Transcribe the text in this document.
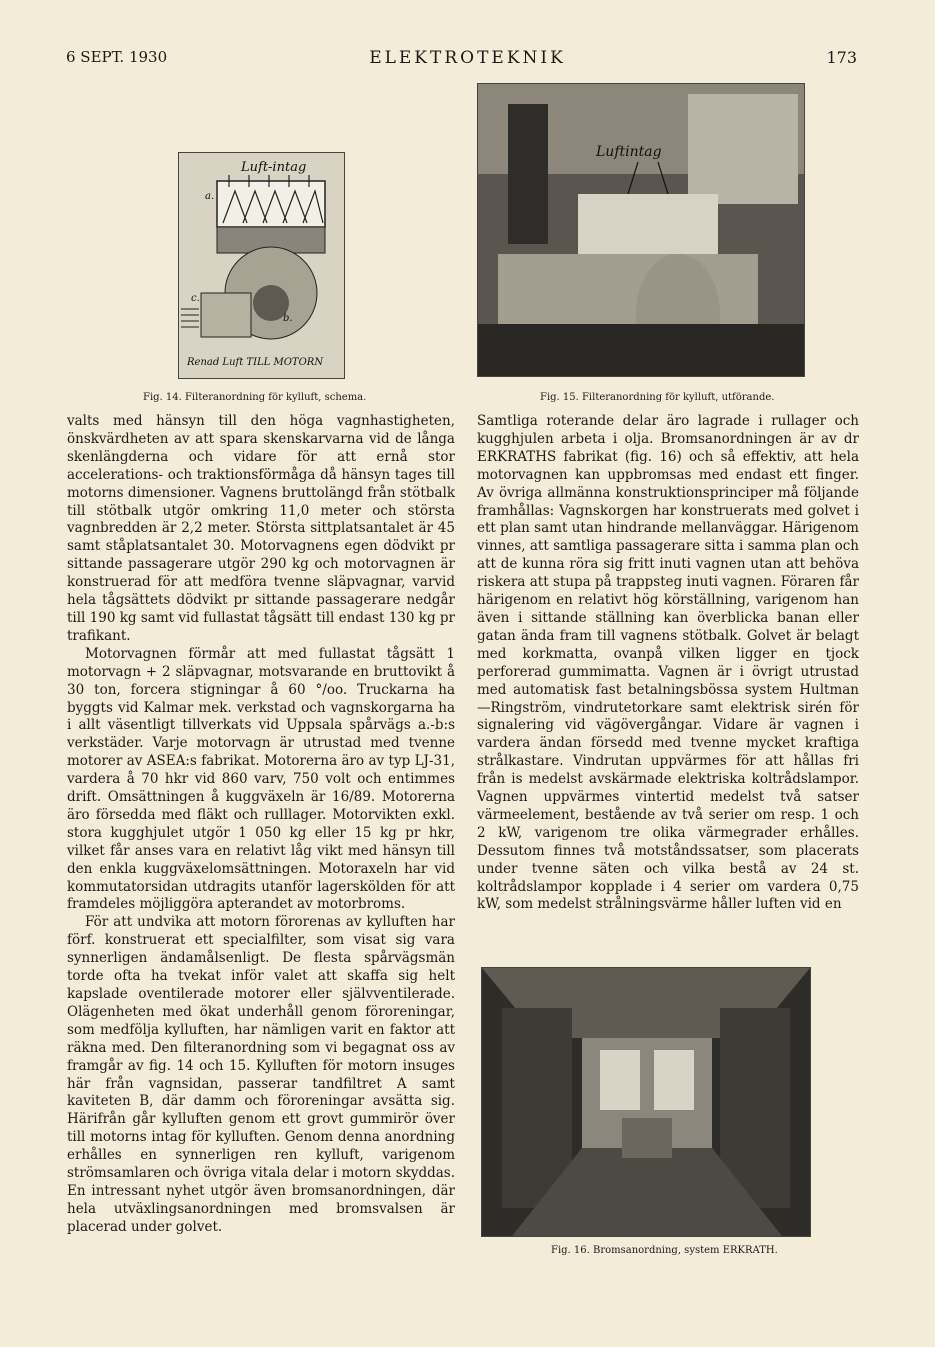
6 SEPT. 1930	ELEKTROTEKNIK	173
Luft-intag
a.
b.
c.
Renad Luft TILL MOTORN
Fig. 14. Filteranordning för kylluft, schema.
Luftintag
Fig. 15. Filteranordning för kylluft, utförande.
Fig. 16. Bromsanordning, system ERKRATH.

valts med hänsyn till den höga vagnhastigheten, önskvärdheten av att spara skenskarvarna vid de långa skenlängderna och vidare för att ernå stor accelerations- och traktionsförmåga då hänsyn tages till motorns dimensioner. Vagnens bruttolängd från stötbalk till stötbalk utgör omkring 11,0 meter och största vagnbredden är 2,2 meter. Största sittplatsantalet är 45 samt ståplatsantalet 30. Motorvagnens egen dödvikt pr sittande passagerare utgör 290 kg och motorvagnen är konstruerad för att medföra tvenne släpvagnar, varvid hela tågsättets dödvikt pr sittande passagerare nedgår till 190 kg samt vid fullastat tågsätt till endast 130 kg pr trafikant.

Motorvagnen förmår att med fullastat tågsätt 1 motorvagn + 2 släpvagnar, motsvarande en bruttovikt å 30 ton, forcera stigningar å 60 °/oo. Truckarna ha byggts vid Kalmar mek. verkstad och vagnskorgarna ha i allt väsentligt tillverkats vid Uppsala spårvägs a.-b:s verkstäder. Varje motorvagn är utrustad med tvenne motorer av ASEA:s fabrikat. Motorerna äro av typ LJ-31, vardera å 70 hkr vid 860 varv, 750 volt och entimmes drift. Omsättningen å kuggväxeln är 16/89. Motorerna äro försedda med fläkt och rulllager. Motorvikten exkl. stora kugghjulet utgör 1 050 kg eller 15 kg pr hkr, vilket får anses vara en relativt låg vikt med hänsyn till den enkla kuggväxelomsättningen. Motoraxeln har vid kommutatorsidan utdragits utanför lagerskölden för att framdeles möjliggöra apterandet av motorbroms.

För att undvika att motorn förorenas av kylluften har förf. konstruerat ett specialfilter, som visat sig vara synnerligen ändamålsenligt. De flesta spårvägsmän torde ofta ha tvekat inför valet att skaffa sig helt kapslade oventilerade motorer eller självventilerade. Olägenheten med ökat underhåll genom föroreningar, som medfölja kylluften, har nämligen varit en faktor att räkna med. Den filteranordning som vi begagnat oss av framgår av fig. 14 och 15. Kylluften för motorn insuges här från vagnsidan, passerar tandfiltret A samt kaviteten B, där damm och föroreningar avsätta sig. Härifrån går kylluften genom ett grovt gummirör över till motorns intag för kylluften. Genom denna anordning erhålles en synnerligen ren kylluft, varigenom strömsamlaren och övriga vitala delar i motorn skyddas. En intressant nyhet utgör även bromsanordningen, där hela utväxlingsanordningen med bromsvalsen är placerad under golvet.

Samtliga roterande delar äro lagrade i rullager och kugghjulen arbeta i olja. Bromsanordningen är av dr ERKRATHS fabrikat (fig. 16) och så effektiv, att hela motorvagnen kan uppbromsas med endast ett finger. Av övriga allmänna konstruktionsprinciper må följande framhållas: Vagnskorgen har konstruerats med golvet i ett plan samt utan hindrande mellanväggar. Härigenom vinnes, att samtliga passagerare sitta i samma plan och att de kunna röra sig fritt inuti vagnen utan att behöva riskera att stupa på trappsteg inuti vagnen. Föraren får härigenom en relativt hög körställning, varigenom han även i sittande ställning kan överblicka banan eller gatan ända fram till vagnens stötbalk. Golvet är belagt med korkmatta, ovanpå vilken ligger en tjock perforerad gummimatta. Vagnen är i övrigt utrustad med automatisk fast betalningsbössa system Hultman—Ringström, vindrutetorkare samt elektrisk sirén för signalering vid vägövergångar. Vidare är vagnen i vardera ändan försedd med tvenne mycket kraftiga strålkastare. Vindrutan uppvärmes för att hållas fri från is medelst avskärmade elektriska koltrådslampor. Vagnen uppvärmes vintertid medelst två satser värmeelement, bestående av två serier om resp. 1 och 2 kW, varigenom tre olika värmegrader erhålles. Dessutom finnes två motståndssatser, som placerats under tvenne säten och vilka bestå av 24 st. koltrådslampor kopplade i 4 serier om vardera 0,75 kW, som medelst strålningsvärme håller luften vid en
